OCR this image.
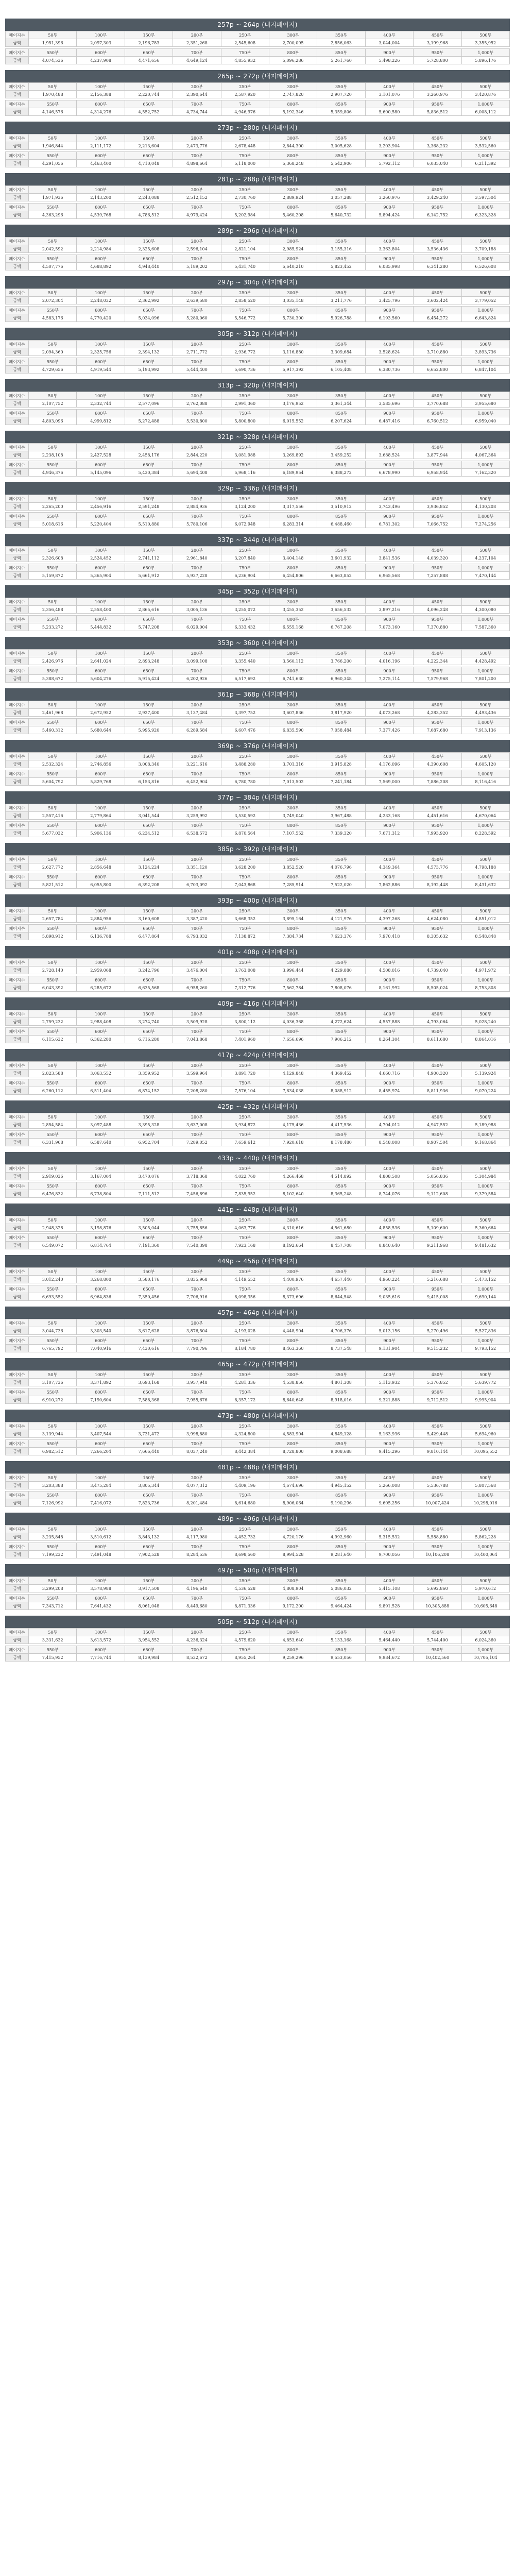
257p ~ 264p (내지페이지)
페이지수	50부	100부	150부	200부	250부	300부	350부	400부	450부	500부
금액	1,951,396	2,097,303	2,196,783	2,351,268	2,545,608	2,700,095	2,856,063	3,044,004	3,199,968	3,355,952

페이지수	550부	600부	650부	700부	750부	800부	850부	900부	950부	1,000부
금액	4,074,536	4,237,908	4,471,656	4,649,124	4,855,932	5,096,286	5,261,760	5,498,226	5,728,800	5,896,176
265p ~ 272p (내지페이지)
페이지수	50부	100부	150부	200부	250부	300부	350부	400부	450부	500부
금액	1,970,488	2,156,388	2,220,744	2,390,644	2,587,920	2,747,820	2,907,720	3,101,076	3,260,976	3,420,876

페이지수	550부	600부	650부	700부	750부	800부	850부	900부	950부	1,000부
금액	4,146,576	4,314,276	4,552,752	4,734,744	4,946,976	5,192,346	5,359,806	5,600,580	5,836,512	6,008,112
273p ~ 280p (내지페이지)
페이지수	50부	100부	150부	200부	250부	300부	350부	400부	450부	500부
금액	1,946,844	2,111,172	2,213,604	2,473,776	2,678,448	2,844,300	3,005,628	3,203,904	3,368,232	3,532,560

페이지수	550부	600부	650부	700부	750부	800부	850부	900부	950부	1,000부
금액	4,291,056	4,463,400	4,710,048	4,898,664	5,118,000	5,368,248	5,542,906	5,792,112	6,035,040	6,211,392
281p ~ 288p (내지페이지)
페이지수	50부	100부	150부	200부	250부	300부	350부	400부	450부	500부
금액	1,971,936	2,143,200	2,243,088	2,512,152	2,730,760	2,889,924	3,057,288	3,260,976	3,429,240	3,597,504

페이지수	550부	600부	650부	700부	750부	800부	850부	900부	950부	1,000부
금액	4,363,296	4,539,768	4,786,512	4,979,424	5,202,984	5,460,208	5,640,732	5,894,424	6,142,752	6,323,328
289p ~ 296p (내지페이지)
페이지수	50부	100부	150부	200부	250부	300부	350부	400부	450부	500부
금액	2,042,592	2,214,984	2,325,608	2,596,104	2,821,104	2,985,924	3,155,316	3,363,804	3,536,436	3,709,188

페이지수	550부	600부	650부	700부	750부	800부	850부	900부	950부	1,000부
금액	4,507,776	4,688,892	4,948,440	5,189,202	5,431,740	5,640,210	5,823,452	6,085,998	6,341,280	6,526,608
297p ~ 304p (내지페이지)
페이지수	50부	100부	150부	200부	250부	300부	350부	400부	450부	500부
금액	2,072,304	2,248,032	2,362,992	2,639,580	2,858,520	3,035,148	3,211,776	3,425,796	3,602,424	3,779,052

페이지수	550부	600부	650부	700부	750부	800부	850부	900부	950부	1,000부
금액	4,583,176	4,770,420	5,034,096	5,280,060	5,546,772	5,730,300	5,926,788	6,193,560	6,454,272	6,643,824
305p ~ 312p (내지페이지)
페이지수	50부	100부	150부	200부	250부	300부	350부	400부	450부	500부
금액	2,094,360	2,325,756	2,394,132	2,711,772	2,936,772	3,116,880	3,309,684	3,528,624	3,710,880	3,893,736

페이지수	550부	600부	650부	700부	750부	800부	850부	900부	950부	1,000부
금액	4,729,656	4,919,544	5,193,992	5,444,400	5,690,736	5,917,392	6,105,408	6,380,736	6,652,800	6,847,104
313p ~ 320p (내지페이지)
페이지수	50부	100부	150부	200부	250부	300부	350부	400부	450부	500부
금액	2,107,752	2,332,744	2,577,096	2,762,088	2,991,360	3,176,952	3,361,344	3,585,696	3,770,688	3,955,680

페이지수	550부	600부	650부	700부	750부	800부	850부	900부	950부	1,000부
금액	4,803,096	4,999,812	5,272,488	5,530,800	5,800,800	6,015,552	6,207,624	6,487,416	6,760,512	6,959,040
321p ~ 328p (내지페이지)
페이지수	50부	100부	150부	200부	250부	300부	350부	400부	450부	500부
금액	2,238,108	2,427,528	2,458,176	2,844,220	3,081,988	3,269,892	3,459,252	3,688,524	3,877,944	4,067,364

페이지수	550부	600부	650부	700부	750부	800부	850부	900부	950부	1,000부
금액	4,946,376	5,145,096	5,430,384	5,694,408	5,968,116	6,189,954	6,388,272	6,678,990	6,958,944	7,162,320
329p ~ 336p (내지페이지)
페이지수	50부	100부	150부	200부	250부	300부	350부	400부	450부	500부
금액	2,265,200	2,456,916	2,591,248	2,884,936	3,124,200	3,317,556	3,510,912	3,743,496	3,936,852	4,130,208

페이지수	550부	600부	650부	700부	750부	800부	850부	900부	950부	1,000부
금액	5,018,616	5,220,404	5,510,880	5,780,106	6,072,948	6,283,314	6,488,460	6,781,302	7,066,752	7,274,256
337p ~ 344p (내지페이지)
페이지수	50부	100부	150부	200부	250부	300부	350부	400부	450부	500부
금액	2,326,608	2,524,452	2,741,112	2,961,840	3,207,840	3,404,148	3,601,932	3,841,536	4,039,320	4,237,104

페이지수	550부	600부	650부	700부	750부	800부	850부	900부	950부	1,000부
금액	5,159,872	5,365,904	5,661,912	5,937,228	6,236,904	6,454,806	6,663,852	6,965,568	7,257,888	7,470,144
345p ~ 352p (내지페이지)
페이지수	50부	100부	150부	200부	250부	300부	350부	400부	450부	500부
금액	2,356,488	2,558,400	2,865,616	3,005,136	3,255,072	3,455,352	3,656,532	3,897,216	4,096,248	4,300,080

페이지수	550부	600부	650부	700부	750부	800부	850부	900부	950부	1,000부
금액	5,233,272	5,444,832	5,747,208	6,029,004	6,333,432	6,555,168	6,767,208	7,073,160	7,370,880	7,587,360
353p ~ 360p (내지페이지)
페이지수	50부	100부	150부	200부	250부	300부	350부	400부	450부	500부
금액	2,426,976	2,641,024	2,893,248	3,099,108	3,355,440	3,560,112	3,766,200	4,016,196	4,222,344	4,428,492

페이지수	550부	600부	650부	700부	750부	800부	850부	900부	950부	1,000부
금액	5,388,672	5,604,276	5,915,424	6,202,926	6,517,692	6,741,630	6,960,348	7,275,114	7,579,968	7,801,200
361p ~ 368p (내지페이지)
페이지수	50부	100부	150부	200부	250부	300부	350부	400부	450부	500부
금액	2,461,968	2,672,952	2,927,400	3,137,484	3,397,752	3,607,836	3,817,920	4,073,268	4,283,352	4,493,436

페이지수	550부	600부	650부	700부	750부	800부	850부	900부	950부	1,000부
금액	5,460,312	5,680,644	5,995,920	6,289,584	6,607,476	6,835,590	7,058,484	7,377,426	7,687,680	7,913,136
369p ~ 376p (내지페이지)
페이지수	50부	100부	150부	200부	250부	300부	350부	400부	450부	500부
금액	2,532,324	2,746,856	3,008,340	3,221,616	3,488,280	3,701,316	3,915,828	4,176,096	4,390,608	4,605,120

페이지수	550부	600부	650부	700부	750부	800부	850부	900부	950부	1,000부
금액	5,604,792	5,829,768	6,153,816	6,452,904	6,780,780	7,013,502	7,241,184	7,569,000	7,886,208	8,116,416
377p ~ 384p (내지페이지)
페이지수	50부	100부	150부	200부	250부	300부	350부	400부	450부	500부
금액	2,557,416	2,779,864	3,041,544	3,259,992	3,530,592	3,749,040	3,967,488	4,233,168	4,451,616	4,670,064

페이지수	550부	600부	650부	700부	750부	800부	850부	900부	950부	1,000부
금액	5,677,032	5,906,136	6,234,512	6,538,572	6,870,564	7,107,552	7,339,320	7,671,312	7,993,920	8,228,592
385p ~ 392p (내지페이지)
페이지수	50부	100부	150부	200부	250부	300부	350부	400부	450부	500부
금액	2,627,772	2,856,648	3,124,224	3,351,120	3,628,200	3,852,520	4,076,796	4,349,364	4,573,776	4,798,188

페이지수	550부	600부	650부	700부	750부	800부	850부	900부	950부	1,000부
금액	5,821,512	6,055,800	6,392,208	6,703,092	7,043,868	7,285,914	7,522,020	7,862,886	8,192,448	8,431,632
393p ~ 400p (내지페이지)
페이지수	50부	100부	150부	200부	250부	300부	350부	400부	450부	500부
금액	2,657,784	2,884,956	3,160,608	3,387,420	3,668,352	3,895,164	4,121,976	4,397,268	4,624,080	4,851,012

페이지수	550부	600부	650부	700부	750부	800부	850부	900부	950부	1,000부
금액	5,898,912	6,136,788	6,477,864	6,793,032	7,138,872	7,384,734	7,623,376	7,970,418	8,305,632	8,548,848
401p ~ 408p (내지페이지)
페이지수	50부	100부	150부	200부	250부	300부	350부	400부	450부	500부
금액	2,728,140	2,959,068	3,242,796	3,476,004	3,763,008	3,996,444	4,229,880	4,508,016	4,739,040	4,971,972

페이지수	550부	600부	650부	700부	750부	800부	850부	900부	950부	1,000부
금액	6,043,392	6,285,672	6,635,568	6,958,260	7,312,776	7,562,784	7,808,076	8,161,992	8,505,024	8,753,808
409p ~ 416p (내지페이지)
페이지수	50부	100부	150부	200부	250부	300부	350부	400부	450부	500부
금액	2,759,232	2,988,408	3,274,740	3,509,928	3,800,112	4,036,368	4,272,624	4,557,888	4,793,064	5,028,240

페이지수	550부	600부	650부	700부	750부	800부	850부	900부	950부	1,000부
금액	6,115,632	6,362,280	6,716,280	7,043,868	7,401,960	7,656,696	7,906,212	8,264,304	8,611,680	8,864,016
417p ~ 424p (내지페이지)
페이지수	50부	100부	150부	200부	250부	300부	350부	400부	450부	500부
금액	2,823,588	3,063,552	3,359,952	3,599,964	3,891,720	4,129,848	4,369,452	4,660,716	4,900,320	5,139,924

페이지수	550부	600부	650부	700부	750부	800부	850부	900부	950부	1,000부
금액	6,260,112	6,511,404	6,874,152	7,208,280	7,576,104	7,834,038	8,088,912	8,455,974	8,811,936	9,070,224
425p ~ 432p (내지페이지)
페이지수	50부	100부	150부	200부	250부	300부	350부	400부	450부	500부
금액	2,854,584	3,097,488	3,395,328	3,637,008	3,934,872	4,175,436	4,417,536	4,704,012	4,947,552	5,189,988

페이지수	550부	600부	650부	700부	750부	800부	850부	900부	950부	1,000부
금액	6,331,968	6,587,640	6,952,704	7,289,052	7,659,612	7,920,618	8,178,480	8,548,008	8,907,504	9,168,864
433p ~ 440p (내지페이지)
페이지수	50부	100부	150부	200부	250부	300부	350부	400부	450부	500부
금액	2,919,036	3,167,004	3,470,076	3,718,368	4,022,760	4,266,468	4,514,892	4,808,508	5,056,836	5,304,984

페이지수	550부	600부	650부	700부	750부	800부	850부	900부	950부	1,000부
금액	6,476,832	6,738,804	7,111,512	7,456,896	7,835,952	8,102,640	8,365,248	8,744,076	9,112,608	9,379,584
441p ~ 448p (내지페이지)
페이지수	50부	100부	150부	200부	250부	300부	350부	400부	450부	500부
금액	2,948,328	3,198,876	3,505,044	3,755,856	4,063,776	4,310,616	4,561,680	4,858,536	5,109,600	5,360,664

페이지수	550부	600부	650부	700부	750부	800부	850부	900부	950부	1,000부
금액	6,549,072	6,814,764	7,191,360	7,540,398	7,923,168	8,192,664	8,457,708	8,840,640	9,211,968	9,481,632
449p ~ 456p (내지페이지)
페이지수	50부	100부	150부	200부	250부	300부	350부	400부	450부	500부
금액	3,012,240	3,268,800	3,580,176	3,835,968	4,149,552	4,400,976	4,657,440	4,960,224	5,216,688	5,473,152

페이지수	550부	600부	650부	700부	750부	800부	850부	900부	950부	1,000부
금액	6,693,552	6,964,836	7,350,456	7,706,916	8,098,356	8,373,696	8,644,548	9,035,616	9,415,008	9,690,144
457p ~ 464p (내지페이지)
페이지수	50부	100부	150부	200부	250부	300부	350부	400부	450부	500부
금액	3,044,736	3,303,540	3,617,628	3,876,504	4,193,028	4,448,904	4,706,376	5,013,156	5,270,496	5,527,836

페이지수	550부	600부	650부	700부	750부	800부	850부	900부	950부	1,000부
금액	6,765,792	7,040,916	7,430,616	7,790,796	8,184,780	8,463,360	8,737,548	9,131,904	9,515,232	9,793,152
465p ~ 472p (내지페이지)
페이지수	50부	100부	150부	200부	250부	300부	350부	400부	450부	500부
금액	3,107,736	3,371,892	3,693,168	3,957,948	4,281,336	4,538,856	4,801,308	5,113,932	5,376,852	5,639,772

페이지수	550부	600부	650부	700부	750부	800부	850부	900부	950부	1,000부
금액	6,910,272	7,190,604	7,588,368	7,955,676	8,357,172	8,640,648	8,918,016	9,321,888	9,712,512	9,995,904
473p ~ 480p (내지페이지)
페이지수	50부	100부	150부	200부	250부	300부	350부	400부	450부	500부
금액	3,139,944	3,407,544	3,731,472	3,998,880	4,324,800	4,583,904	4,849,128	5,163,936	5,429,448	5,694,960

페이지수	550부	600부	650부	700부	750부	800부	850부	900부	950부	1,000부
금액	6,982,512	7,266,204	7,666,440	8,037,240	8,442,384	8,728,800	9,008,688	9,415,296	9,810,144	10,095,552
481p ~ 488p (내지페이지)
페이지수	50부	100부	150부	200부	250부	300부	350부	400부	450부	500부
금액	3,203,388	3,475,284	3,805,344	4,077,312	4,409,196	4,674,696	4,945,152	5,266,008	5,536,788	5,807,568

페이지수	550부	600부	650부	700부	750부	800부	850부	900부	950부	1,000부
금액	7,126,992	7,416,072	7,823,736	8,201,484	8,614,680	8,906,064	9,190,296	9,605,256	10,007,424	10,298,016
489p ~ 496p (내지페이지)
페이지수	50부	100부	150부	200부	250부	300부	350부	400부	450부	500부
금액	3,235,848	3,510,612	3,843,132	4,117,980	4,452,732	4,720,176	4,992,960	5,315,532	5,588,880	5,862,228

페이지수	550부	600부	650부	700부	750부	800부	850부	900부	950부	1,000부
금액	7,199,232	7,491,048	7,902,528	8,284,536	8,698,560	8,994,528	9,281,640	9,700,056	10,106,208	10,400,064
497p ~ 504p (내지페이지)
페이지수	50부	100부	150부	200부	250부	300부	350부	400부	450부	500부
금액	3,299,208	3,578,988	3,917,508	4,196,640	4,536,528	4,808,904	5,086,032	5,415,108	5,692,860	5,970,612

페이지수	550부	600부	650부	700부	750부	800부	850부	900부	950부	1,000부
금액	7,343,712	7,641,432	8,061,048	8,449,680	8,871,336	9,172,200	9,464,424	9,891,528	10,305,888	10,605,648
505p ~ 512p (내지페이지)
페이지수	50부	100부	150부	200부	250부	300부	350부	400부	450부	500부
금액	3,331,632	3,613,572	3,954,552	4,236,324	4,579,620	4,853,640	5,133,168	5,464,440	5,744,400	6,024,360

페이지수	550부	600부	650부	700부	750부	800부	850부	900부	950부	1,000부
금액	7,415,952	7,716,744	8,139,984	8,532,672	8,955,264	9,259,296	9,553,056	9,984,672	10,402,560	10,705,104
